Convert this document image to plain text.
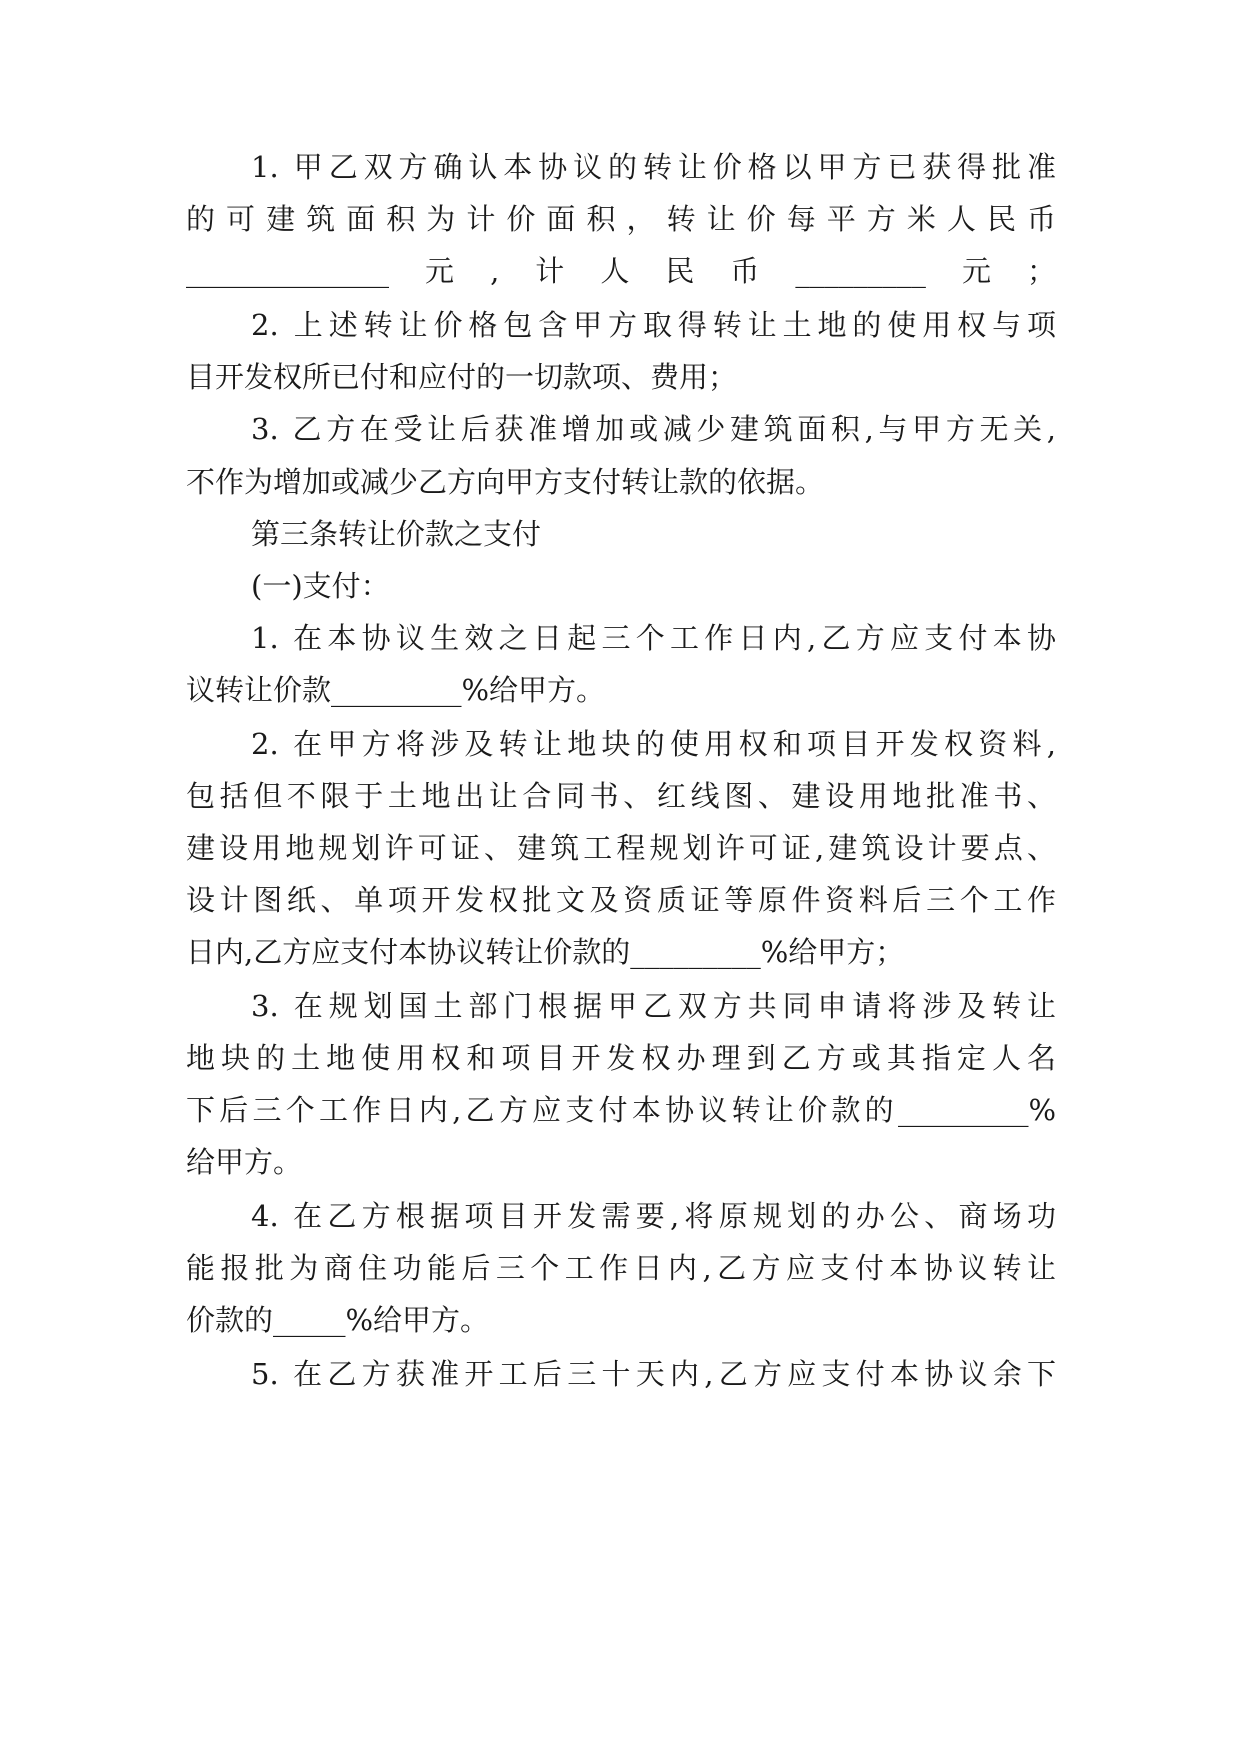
1. 甲乙双方确认本协议的转让价格以甲方已获得批准
的可建筑面积为计价面积，转让价每平方米人民币
______________元,计人民币_________元；
2. 上述转让价格包含甲方取得转让土地的使用权与项
目开发权所已付和应付的一切款项、费用；
3. 乙方在受让后获准增加或减少建筑面积,与甲方无关,
不作为增加或减少乙方向甲方支付转让款的依据。
第三条转让价款之支付
(一)支付：
1. 在本协议生效之日起三个工作日内,乙方应支付本协
议转让价款_________%给甲方。
2. 在甲方将涉及转让地块的使用权和项目开发权资料,
包括但不限于土地出让合同书、红线图、建设用地批准书、
建设用地规划许可证、建筑工程规划许可证,建筑设计要点、
设计图纸、单项开发权批文及资质证等原件资料后三个工作
日内,乙方应支付本协议转让价款的_________%给甲方；
3. 在规划国土部门根据甲乙双方共同申请将涉及转让
地块的土地使用权和项目开发权办理到乙方或其指定人名
下后三个工作日内,乙方应支付本协议转让价款的_________%
给甲方。
4. 在乙方根据项目开发需要,将原规划的办公、商场功
能报批为商住功能后三个工作日内,乙方应支付本协议转让
价款的_____%给甲方。
5. 在乙方获准开工后三十天内,乙方应支付本协议余下
